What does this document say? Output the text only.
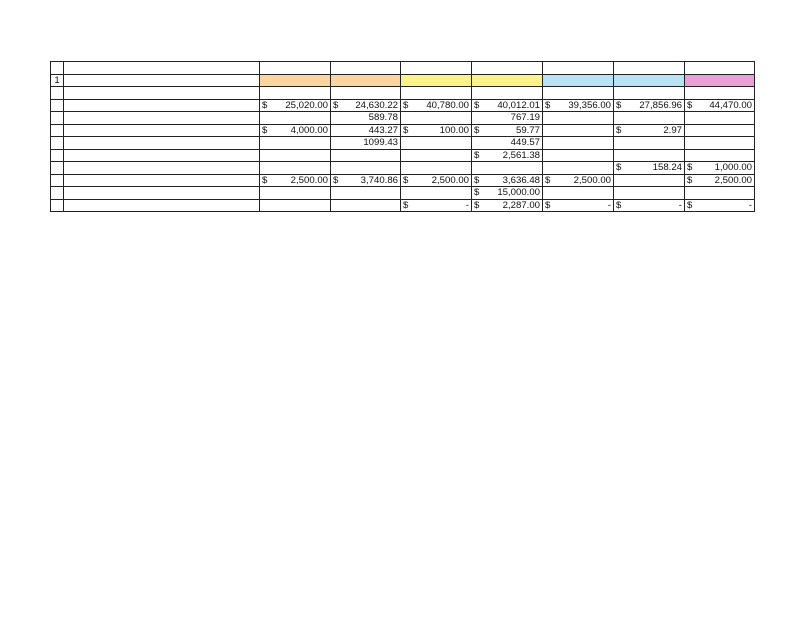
1								

		$ 25,020.00	$ 24,630.22	$ 40,780.00	$ 40,012.01	$ 39,356.00	$ 27,856.96	$ 44,470.00

			589.78		767.19			

		$ 4,000.00	443.27	$ 100.00	$ 59.77		$ 2.97	

			1099.43		449.57			

					$ 2,561.38			

							$ 158.24	$ 1,000.00

		$ 2,500.00	$ 3,740.86	$ 2,500.00	$ 3,636.48	$ 2,500.00		$ 2,500.00

					$ 15,000.00			

				$ -	$ 2,287.00	$ -	$ -	$ -
